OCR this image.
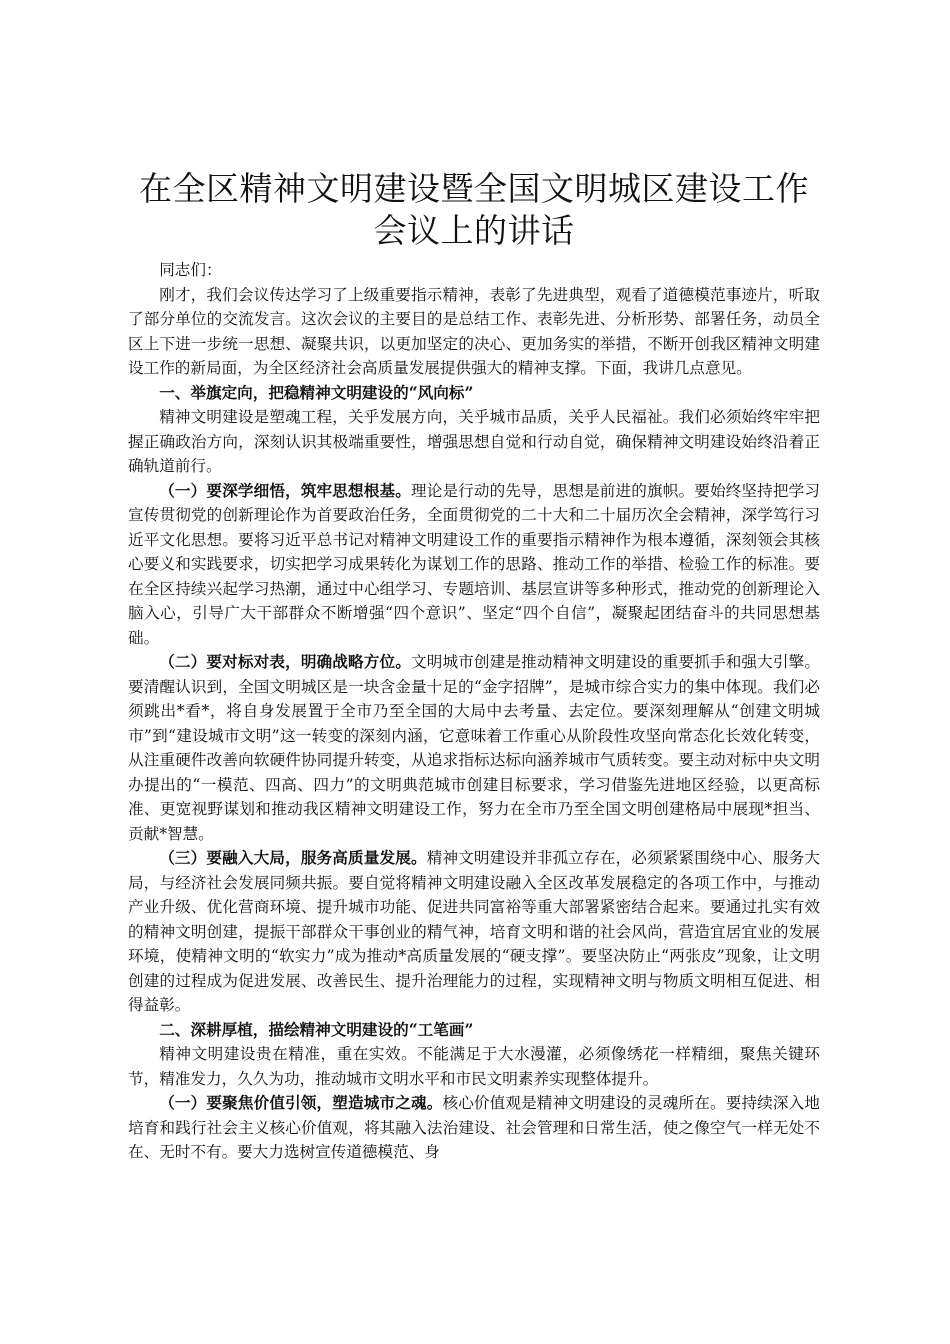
在全区精神文明建设暨全国文明城区建设工作
会议上的讲话

同志们：

刚才，我们会议传达学习了上级重要指示精神，表彰了先进典型，观看了道德模范事迹片，听取了部分单位的交流发言。这次会议的主要目的是总结工作、表彰先进、分析形势、部署任务，动员全区上下进一步统一思想、凝聚共识，以更加坚定的决心、更加务实的举措，不断开创我区精神文明建设工作的新局面，为全区经济社会高质量发展提供强大的精神支撑。下面，我讲几点意见。

一、举旗定向，把稳精神文明建设的“风向标”

精神文明建设是塑魂工程，关乎发展方向，关乎城市品质，关乎人民福祉。我们必须始终牢牢把握正确政治方向，深刻认识其极端重要性，增强思想自觉和行动自觉，确保精神文明建设始终沿着正确轨道前行。

（一）要深学细悟，筑牢思想根基。理论是行动的先导，思想是前进的旗帜。要始终坚持把学习宣传贯彻党的创新理论作为首要政治任务，全面贯彻党的二十大和二十届历次全会精神，深学笃行习近平文化思想。要将习近平总书记对精神文明建设工作的重要指示精神作为根本遵循，深刻领会其核心要义和实践要求，切实把学习成果转化为谋划工作的思路、推动工作的举措、检验工作的标准。要在全区持续兴起学习热潮，通过中心组学习、专题培训、基层宣讲等多种形式，推动党的创新理论入脑入心，引导广大干部群众不断增强“四个意识”、坚定“四个自信”，凝聚起团结奋斗的共同思想基础。

（二）要对标对表，明确战略方位。文明城市创建是推动精神文明建设的重要抓手和强大引擎。要清醒认识到，全国文明城区是一块含金量十足的“金字招牌”，是城市综合实力的集中体现。我们必须跳出*看*，将自身发展置于全市乃至全国的大局中去考量、去定位。要深刻理解从“创建文明城市”到“建设城市文明”这一转变的深刻内涵，它意味着工作重心从阶段性攻坚向常态化长效化转变，从注重硬件改善向软硬件协同提升转变，从追求指标达标向涵养城市气质转变。要主动对标中央文明办提出的“一模范、四高、四力”的文明典范城市创建目标要求，学习借鉴先进地区经验，以更高标准、更宽视野谋划和推动我区精神文明建设工作，努力在全市乃至全国文明创建格局中展现*担当、贡献*智慧。

（三）要融入大局，服务高质量发展。精神文明建设并非孤立存在，必须紧紧围绕中心、服务大局，与经济社会发展同频共振。要自觉将精神文明建设融入全区改革发展稳定的各项工作中，与推动产业升级、优化营商环境、提升城市功能、促进共同富裕等重大部署紧密结合起来。要通过扎实有效的精神文明创建，提振干部群众干事创业的精气神，培育文明和谐的社会风尚，营造宜居宜业的发展环境，使精神文明的“软实力”成为推动*高质量发展的“硬支撑”。要坚决防止“两张皮”现象，让文明创建的过程成为促进发展、改善民生、提升治理能力的过程，实现精神文明与物质文明相互促进、相得益彰。

二、深耕厚植，描绘精神文明建设的“工笔画”

精神文明建设贵在精准，重在实效。不能满足于大水漫灌，必须像绣花一样精细，聚焦关键环节，精准发力，久久为功，推动城市文明水平和市民文明素养实现整体提升。

（一）要聚焦价值引领，塑造城市之魂。核心价值观是精神文明建设的灵魂所在。要持续深入地培育和践行社会主义核心价值观，将其融入法治建设、社会管理和日常生活，使之像空气一样无处不在、无时不有。要大力选树宣传道德模范、身
